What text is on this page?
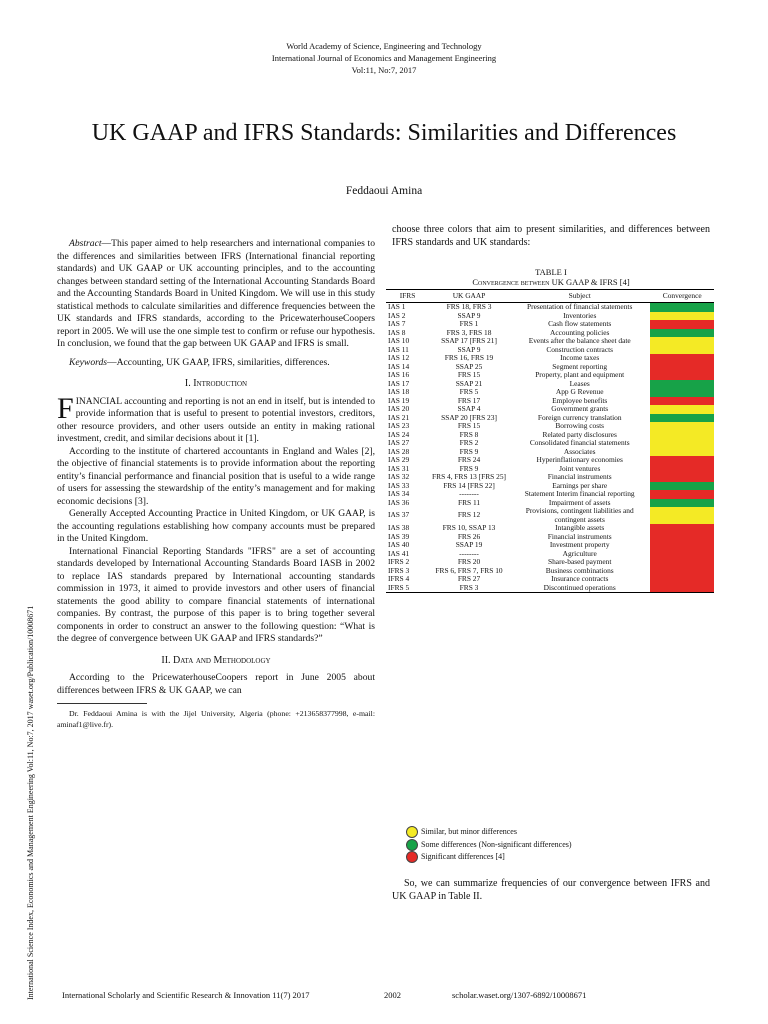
World Academy of Science, Engineering and Technology
International Journal of Economics and Management Engineering
Vol:11, No:7, 2017
UK GAAP and IFRS Standards: Similarities and Differences
Feddaoui Amina
International Science Index, Economics and Management Engineering Vol:11, No:7, 2017 waset.org/Publication/10008671

Abstract—This paper aimed to help researchers and international companies to the differences and similarities between IFRS (International financial reporting standards) and UK GAAP or UK accounting principles, and to the accounting changes between standard setting of the International Accounting Standards Board and the Accounting Standards Board in United Kingdom. We will use in this study statistical methods to calculate similarities and difference frequencies between the UK standards and IFRS standards, according to the PricewaterhouseCoopers report in 2005. We will use the one simple test to confirm or refuse our hypothesis. In conclusion, we found that the gap between UK GAAP and IFRS is small.

Keywords—Accounting, UK GAAP, IFRS, similarities, differences.

I. Introduction

FINANCIAL accounting and reporting is not an end in itself, but is intended to provide information that is useful to present to potential investors, creditors, other resource providers, and other users outside an entity in making rational investment, credit, and similar decisions about it [1].

According to the institute of chartered accountants in England and Wales [2], the objective of financial statements is to provide information about the reporting entity’s financial performance and financial position that is useful to a wide range of users for assessing the stewardship of the entity’s management and for making economic decisions [3].

Generally Accepted Accounting Practice in United Kingdom, or UK GAAP, is the accounting regulations establishing how company accounts must be prepared in the United Kingdom.

International Financial Reporting Standards "IFRS" are a set of accounting standards developed by International Accounting Standards Board IASB in 2002 to replace IAS standards prepared by International accounting standards commission in 1973, it aimed to provide investors and other users of financial statements the good ability to compare financial statements of international companies. By contrast, the purpose of this paper is to bring together several components in order to construct an answer to the following question: “What is the degree of convergence between UK GAAP and IFRS standards?”

II. Data and Methodology

According to the PricewaterhouseCoopers report in June 2005 about differences between IFRS & UK GAAP, we can

Dr. Feddaoui Amina is with the Jijel University, Algeria (phone: +213658377998, e-mail: aminaf1@live.fr).

choose three colors that aim to present similarities, and differences between IFRS standards and UK standards:
TABLE I
Convergence between UK GAAP & IFRS [4]
IFRS	UK GAAP	Subject	Convergence
IAS 1	FRS 18, FRS 3	Presentation of financial statements	
IAS 2	SSAP 9	Inventories	
IAS 7	FRS 1	Cash flow statements	
IAS 8	FRS 3, FRS 18	Accounting policies	
IAS 10	SSAP 17 [FRS 21]	Events after the balance sheet date	
IAS 11	SSAP 9	Construction contracts	
IAS 12	FRS 16, FRS 19	Income taxes	
IAS 14	SSAP 25	Segment reporting	
IAS 16	FRS 15	Property, plant and equipment	
IAS 17	SSAP 21	Leases	
IAS 18	FRS 5	App G Revenue	
IAS 19	FRS 17	Employee benefits	
IAS 20	SSAP 4	Government grants	
IAS 21	SSAP 20 [FRS 23]	Foreign currency translation	
IAS 23	FRS 15	Borrowing costs	
IAS 24	FRS 8	Related party disclosures	
IAS 27	FRS 2	Consolidated financial statements	
IAS 28	FRS 9	Associates	
IAS 29	FRS 24	Hyperinflationary economies	
IAS 31	FRS 9	Joint ventures	
IAS 32	FRS 4, FRS 13 [FRS 25]	Financial instruments	
IAS 33	FRS 14 [FRS 22]	Earnings per share	
IAS 34	--------	Statement Interim financial reporting	
IAS 36	FRS 11	Impairment of assets	
IAS 37	FRS 12	Provisions, contingent liabilities and contingent assets	
IAS 38	FRS 10, SSAP 13	Intangible assets	
IAS 39	FRS 26	Financial instruments	
IAS 40	SSAP 19	Investment property	
IAS 41	--------	Agriculture	
IFRS 2	FRS 20	Share-based payment	
IFRS 3	FRS 6, FRS 7, FRS 10	Business combinations	
IFRS 4	FRS 27	Insurance contracts	
IFRS 5	FRS 3	Discontinued operations	
Similar, but minor differences
Some differences (Non-significant differences)
Significant differences [4]
So, we can summarize frequencies of our convergence between IFRS and UK GAAP in Table II.
International Scholarly and Scientific Research & Innovation 11(7) 2017	2002	scholar.waset.org/1307-6892/10008671
